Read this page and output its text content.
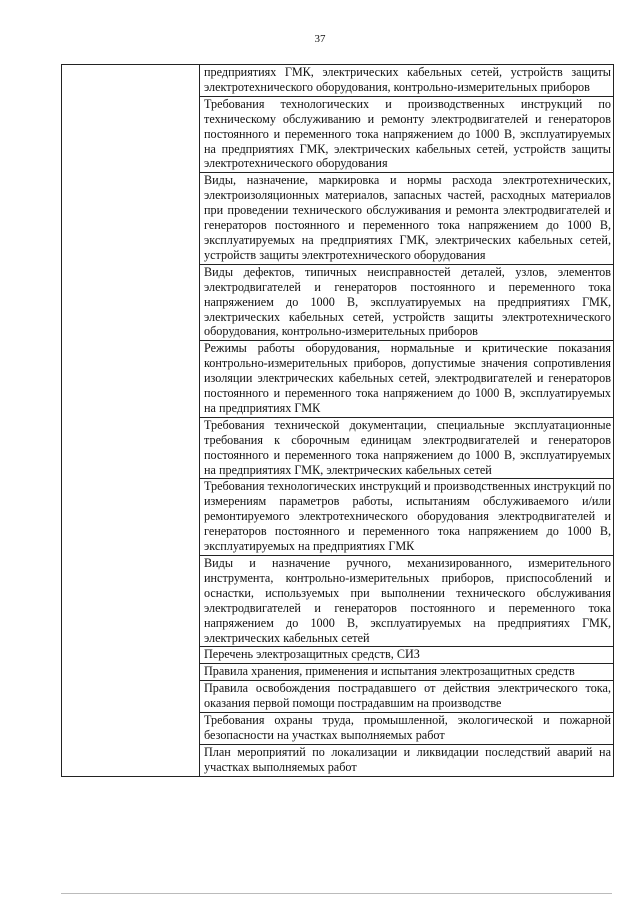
37

предприятиях ГМК, электрических кабельных сетей, устройств защиты электротехнического оборудования, контрольно-измерительных приборов
Требования технологических и производственных инструкций по техническому обслуживанию и ремонту электродвигателей и генераторов постоянного и переменного тока напряжением до 1000 В, эксплуатируемых на предприятиях ГМК, электрических кабельных сетей, устройств защиты электротехнического оборудования
Виды, назначение, маркировка и нормы расхода электротехнических, электроизоляционных материалов, запасных частей, расходных материалов при проведении технического обслуживания и ремонта электродвигателей и генераторов постоянного и переменного тока напряжением до 1000 В, эксплуатируемых на предприятиях ГМК, электрических кабельных сетей, устройств защиты электротехнического оборудования
Виды дефектов, типичных неисправностей деталей, узлов, элементов электродвигателей и генераторов постоянного и переменного тока напряжением до 1000 В, эксплуатируемых на предприятиях ГМК, электрических кабельных сетей, устройств защиты электротехнического оборудования, контрольно-измерительных приборов
Режимы работы оборудования, нормальные и критические показания контрольно-измерительных приборов, допустимые значения сопротивления изоляции электрических кабельных сетей, электродвигателей и генераторов постоянного и переменного тока напряжением до 1000 В, эксплуатируемых на предприятиях ГМК
Требования технической документации, специальные эксплуатационные требования к сборочным единицам электродвигателей и генераторов постоянного и переменного тока напряжением до 1000 В, эксплуатируемых на предприятиях ГМК, электрических кабельных сетей
Требования технологических инструкций и производственных инструкций по измерениям параметров работы, испытаниям обслуживаемого и/или ремонтируемого электротехнического оборудования электродвигателей и генераторов постоянного и переменного тока напряжением до 1000 В, эксплуатируемых на предприятиях ГМК
Виды и назначение ручного, механизированного, измерительного инструмента, контрольно-измерительных приборов, приспособлений и оснастки, используемых при выполнении технического обслуживания электродвигателей и генераторов постоянного и переменного тока напряжением до 1000 В, эксплуатируемых на предприятиях ГМК, электрических кабельных сетей
Перечень электрозащитных средств, СИЗ
Правила хранения, применения и испытания электрозащитных средств
Правила освобождения пострадавшего от действия электрического тока, оказания первой помощи пострадавшим на производстве
Требования охраны труда, промышленной, экологической и пожарной безопасности на участках выполняемых работ
План мероприятий по локализации и ликвидации последствий аварий на участках выполняемых работ
